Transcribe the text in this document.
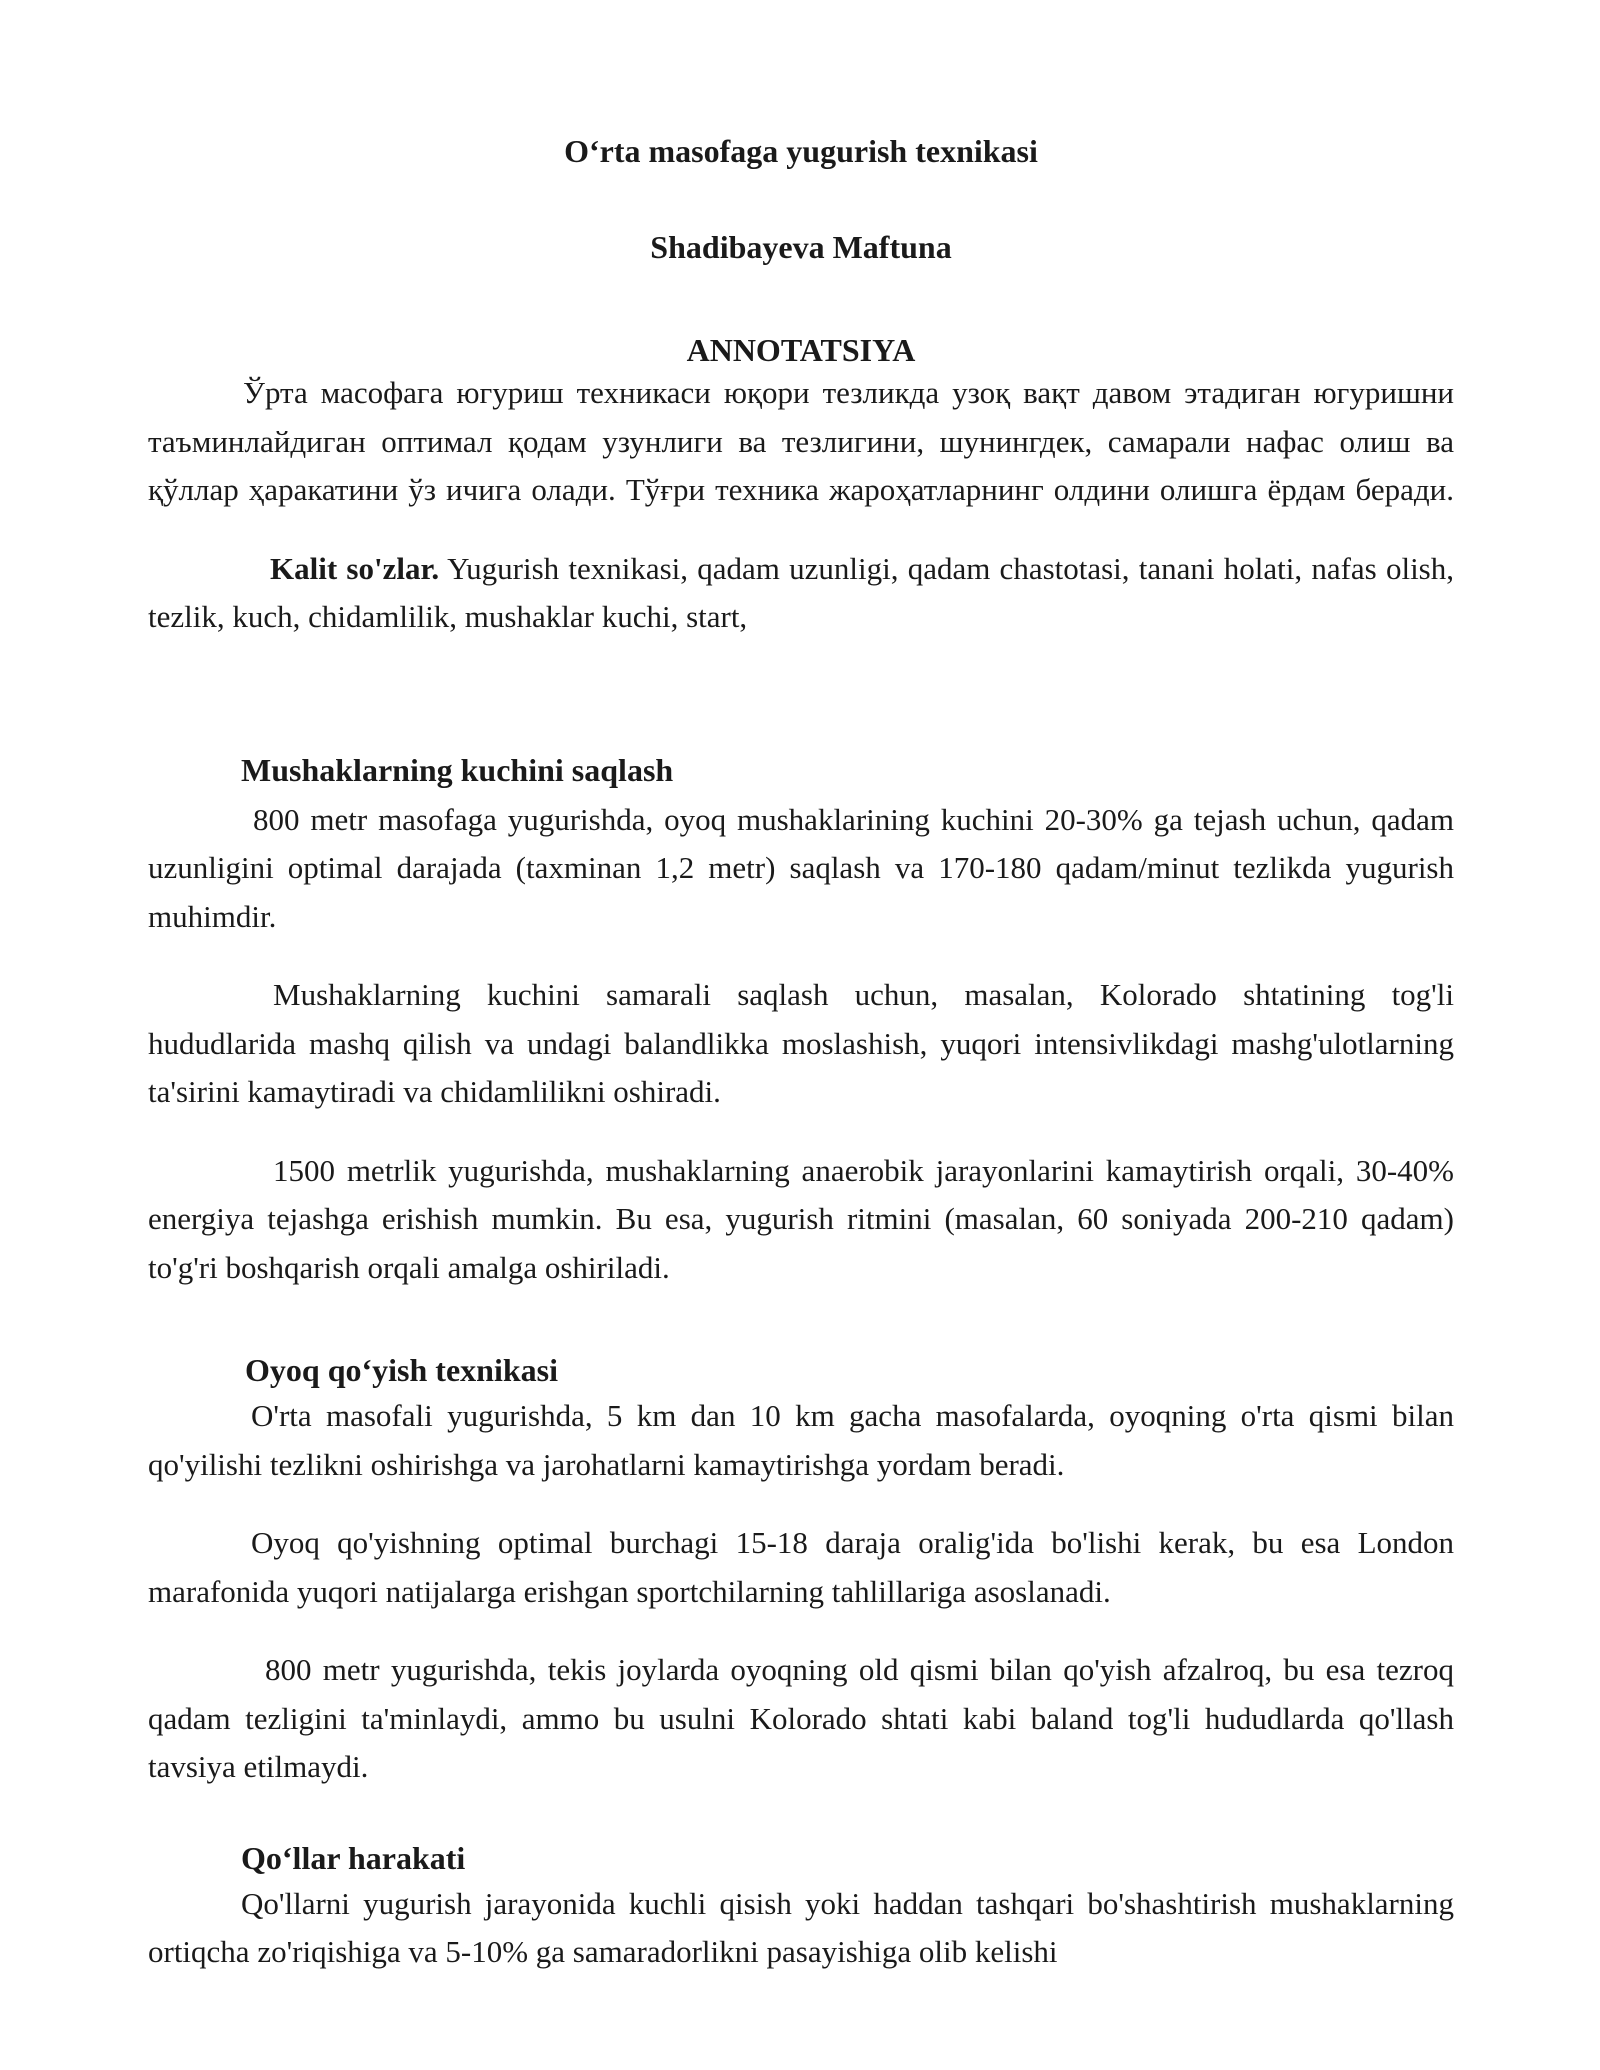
O‘rta masofaga yugurish texnikasi

Shadibayeva Maftuna

ANNOTATSIYA

Ўрта масофага югуриш техникаси юқори тезликда узоқ вақт давом этадиган югуришни таъминлайдиган оптимал қодам узунлиги ва тезлигини, шунингдек, самарали нафас олиш ва қўллар ҳаракатини ўз ичига олади. Тўғри техника жароҳатларнинг олдини олишга ёрдам беради.

Kalit so'zlar. Yugurish texnikasi, qadam uzunligi, qadam chastotasi, tanani holati, nafas olish, tezlik, kuch, chidamlilik, mushaklar kuchi, start,

Mushaklarning kuchini saqlash

800 metr masofaga yugurishda, oyoq mushaklarining kuchini 20-30% ga tejash uchun, qadam uzunligini optimal darajada (taxminan 1,2 metr) saqlash va 170-180 qadam/minut tezlikda yugurish muhimdir.

Mushaklarning kuchini samarali saqlash uchun, masalan, Kolorado shtatining tog'li hududlarida mashq qilish va undagi balandlikka moslashish, yuqori intensivlikdagi mashg'ulotlarning ta'sirini kamaytiradi va chidamlilikni oshiradi.

1500 metrlik yugurishda, mushaklarning anaerobik jarayonlarini kamaytirish orqali, 30-40% energiya tejashga erishish mumkin. Bu esa, yugurish ritmini (masalan, 60 soniyada 200-210 qadam) to'g'ri boshqarish orqali amalga oshiriladi.

Oyoq qo‘yish texnikasi

O'rta masofali yugurishda, 5 km dan 10 km gacha masofalarda, oyoqning o'rta qismi bilan qo'yilishi tezlikni oshirishga va jarohatlarni kamaytirishga yordam beradi.

Oyoq qo'yishning optimal burchagi 15-18 daraja oralig'ida bo'lishi kerak, bu esa London marafonida yuqori natijalarga erishgan sportchilarning tahlillariga asoslanadi.

800 metr yugurishda, tekis joylarda oyoqning old qismi bilan qo'yish afzalroq, bu esa tezroq qadam tezligini ta'minlaydi, ammo bu usulni Kolorado shtati kabi baland tog'li hududlarda qo'llash tavsiya etilmaydi.

Qo‘llar harakati

Qo'llarni yugurish jarayonida kuchli qisish yoki haddan tashqari bo'shashtirish mushaklarning ortiqcha zo'riqishiga va 5-10% ga samaradorlikni pasayishiga olib kelishi
